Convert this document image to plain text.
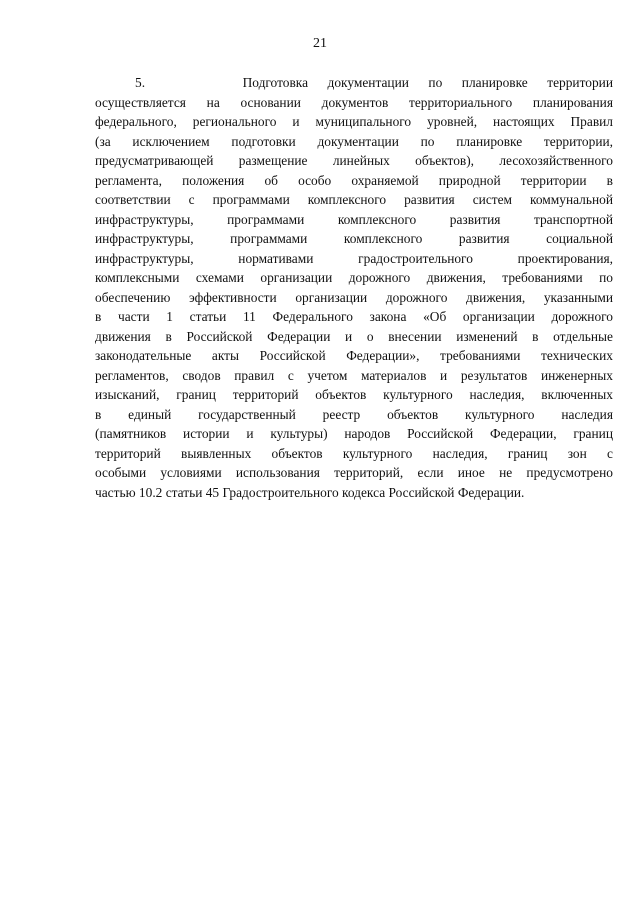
21
5.     Подготовка документации по планировке территории
осуществляется на основании документов территориального планирования
федерального, регионального и муниципального уровней, настоящих Правил
(за исключением подготовки документации по планировке территории,
предусматривающей размещение линейных объектов), лесохозяйственного
регламента, положения об особо охраняемой природной территории в
соответствии с программами комплексного развития систем коммунальной
инфраструктуры, программами комплексного развития транспортной
инфраструктуры, программами комплексного развития социальной
инфраструктуры, нормативами градостроительного проектирования,
комплексными схемами организации дорожного движения, требованиями по
обеспечению эффективности организации дорожного движения, указанными
в части 1 статьи 11 Федерального закона «Об организации дорожного
движения в Российской Федерации и о внесении изменений в отдельные
законодательные акты Российской Федерации», требованиями технических
регламентов, сводов правил с учетом материалов и результатов инженерных
изысканий, границ территорий объектов культурного наследия, включенных
в единый государственный реестр объектов культурного наследия
(памятников истории и культуры) народов Российской Федерации, границ
территорий выявленных объектов культурного наследия, границ зон с
особыми условиями использования территорий, если иное не предусмотрено
частью 10.2 статьи 45 Градостроительного кодекса Российской Федерации.
